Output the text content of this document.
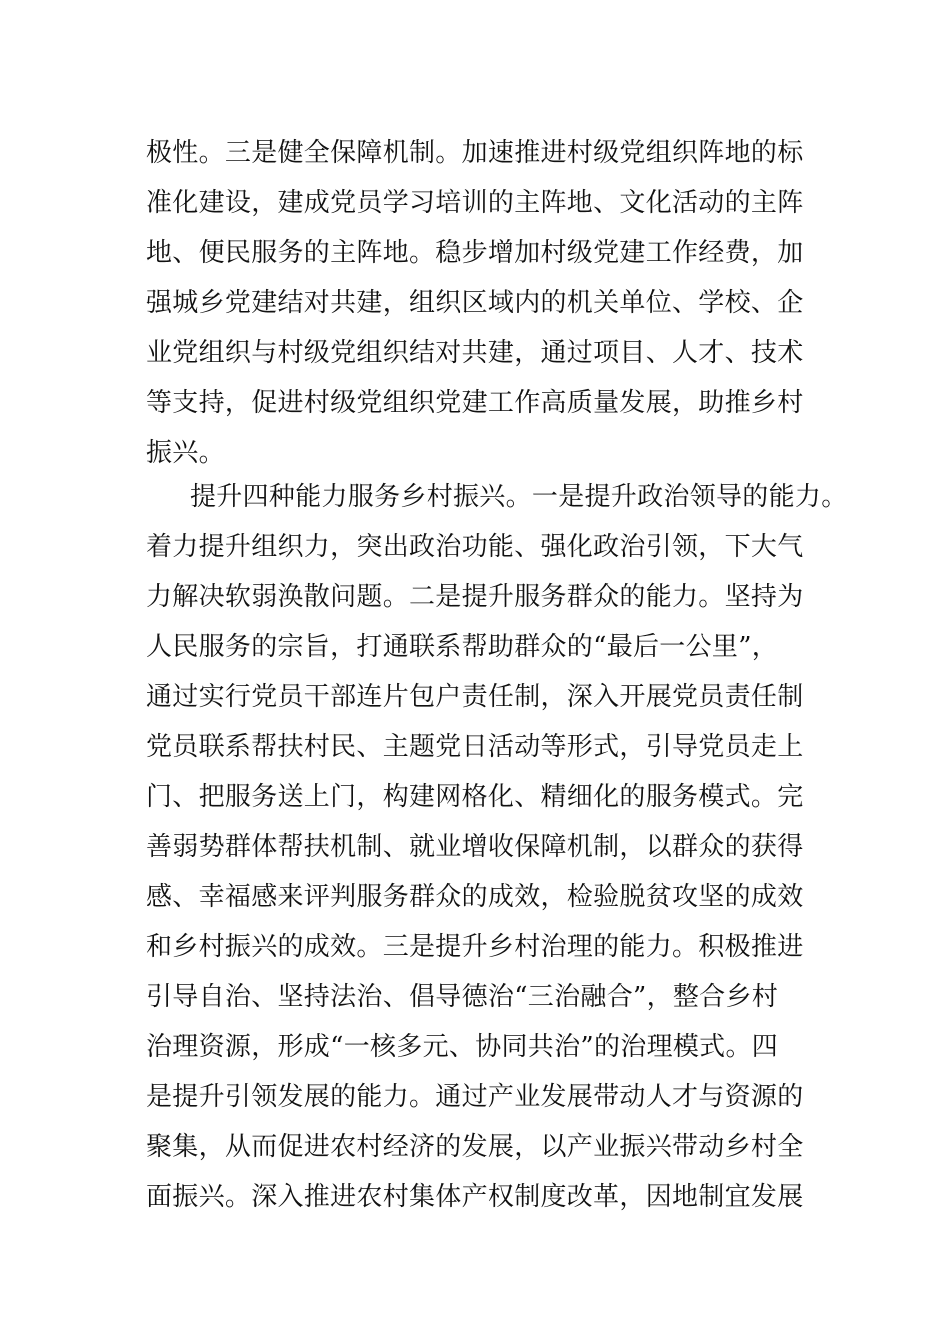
极性。三是健全保障机制。加速推进村级党组织阵地的标
准化建设，建成党员学习培训的主阵地、文化活动的主阵
地、便民服务的主阵地。稳步增加村级党建工作经费，加
强城乡党建结对共建，组织区域内的机关单位、学校、企
业党组织与村级党组织结对共建，通过项目、人才、技术
等支持，促进村级党组织党建工作高质量发展，助推乡村
振兴。
提升四种能力服务乡村振兴。一是提升政治领导的能力。
着力提升组织力，突出政治功能、强化政治引领，下大气
力解决软弱涣散问题。二是提升服务群众的能力。坚持为
人民服务的宗旨，打通联系帮助群众的“最后一公里”，
通过实行党员干部连片包户责任制，深入开展党员责任制
党员联系帮扶村民、主题党日活动等形式，引导党员走上
门、把服务送上门，构建网格化、精细化的服务模式。完
善弱势群体帮扶机制、就业增收保障机制，以群众的获得
感、幸福感来评判服务群众的成效，检验脱贫攻坚的成效
和乡村振兴的成效。三是提升乡村治理的能力。积极推进
引导自治、坚持法治、倡导德治“三治融合”，整合乡村
治理资源，形成“一核多元、协同共治”的治理模式。四
是提升引领发展的能力。通过产业发展带动人才与资源的
聚集，从而促进农村经济的发展，以产业振兴带动乡村全
面振兴。深入推进农村集体产权制度改革，因地制宜发展
